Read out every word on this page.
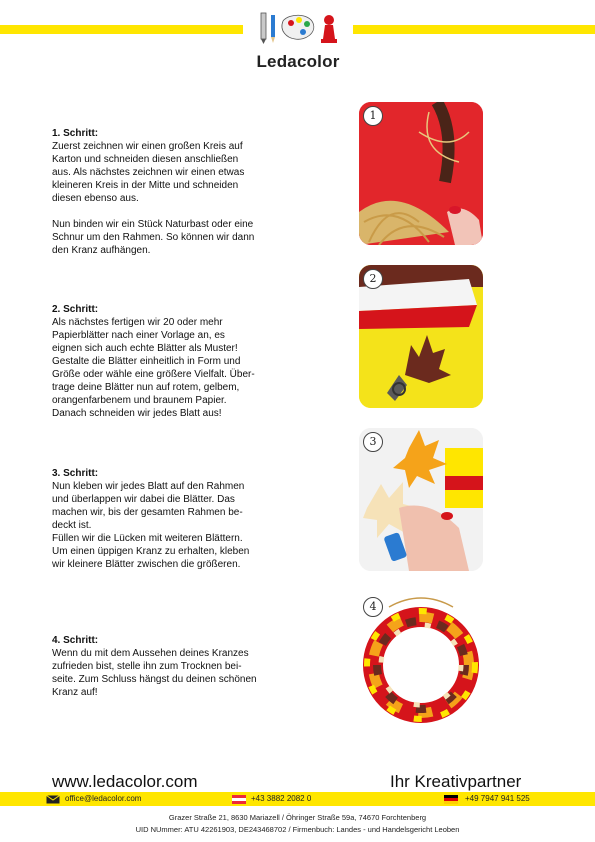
Ledacolor
1. Schritt:

Zuerst zeichnen wir einen großen Kreis auf
Karton und schneiden diesen anschließen
aus. Als nächstes zeichnen wir einen etwas
kleineren Kreis in der Mitte und schneiden
diesen ebenso aus.

Nun binden wir ein Stück Naturbast oder eine
Schnur um den Rahmen. So können wir dann
den Kranz aufhängen.

2. Schritt:

Als nächstes fertigen wir 20 oder mehr
Papierblätter nach einer Vorlage an, es
eignen sich auch echte Blätter als Muster!
Gestalte die Blätter einheitlich in Form und
Größe oder wähle eine größere Vielfalt. Über-
trage deine Blätter nun auf rotem, gelbem,
orangenfarbenem und braunem Papier.
Danach schneiden wir jedes Blatt aus!

3. Schritt:

Nun kleben wir jedes Blatt auf den Rahmen
und überlappen wir dabei die Blätter. Das
machen wir, bis der gesamten Rahmen be-
deckt ist.
Füllen wir die Lücken mit weiteren Blättern.
Um einen üppigen Kranz zu erhalten, kleben
wir kleinere Blätter zwischen die größeren.

4. Schritt:

Wenn du mit dem Aussehen deines Kranzes
zufrieden bist, stelle ihn zum Trocknen bei-
seite. Zum Schluss hängst du deinen schönen
Kranz auf!

1
2
3
4
www.ledacolor.com	Ihr Kreativpartner
office@ledacolor.com	+43 3882 2082 0	+49 7947 941 525
Grazer Straße 21, 8630 Mariazell / Öhringer Straße 59a, 74670 Forchtenberg
UID NUmmer: ATU 42261903, DE243468702 / Firmenbuch: Landes - und Handelsgericht Leoben
